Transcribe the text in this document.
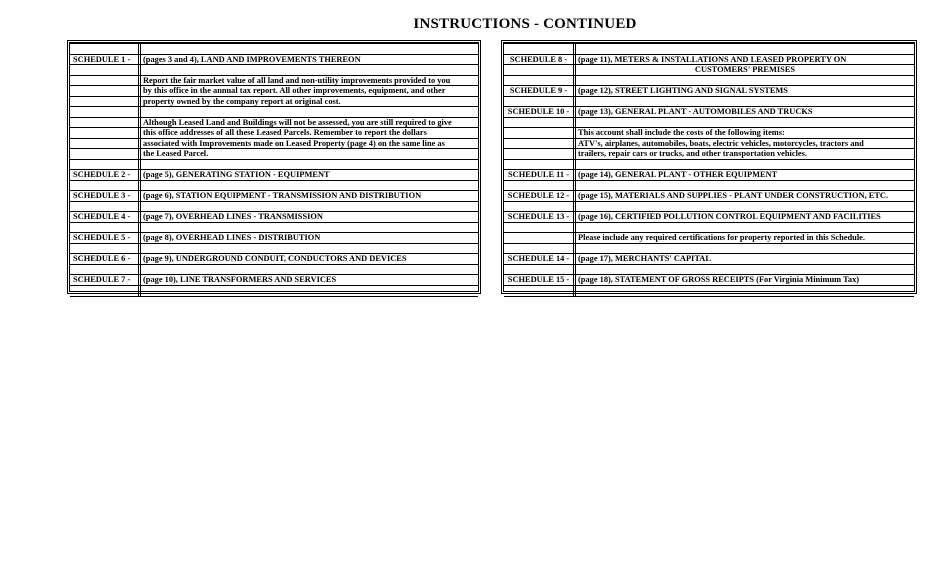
INSTRUCTIONS - CONTINUED
SCHEDULE 1 -	(pages 3 and 4), LAND AND IMPROVEMENTS THEREON
Report the fair market value of all land and non-utility improvements provided to you
by this office in the annual tax report. All other improvements, equipment, and other
property owned by the company report at original cost.
Although Leased Land and Buildings will not be assessed, you are still required to give
this office addresses of all these Leased Parcels. Remember to report the dollars
associated with Improvements made on Leased Property (page 4) on the same line as
the Leased Parcel.
SCHEDULE 2 -	(page 5), GENERATING STATION - EQUIPMENT
SCHEDULE 3 -	(page 6), STATION EQUIPMENT - TRANSMISSION AND DISTRIBUTION
SCHEDULE 4 -	(page 7), OVERHEAD LINES - TRANSMISSION
SCHEDULE 5 -	(page 8), OVERHEAD LINES - DISTRIBUTION
SCHEDULE 6 -	(page 9), UNDERGROUND CONDUIT, CONDUCTORS AND DEVICES
SCHEDULE 7 -	(page 10), LINE TRANSFORMERS AND SERVICES
SCHEDULE 8 -	(page 11), METERS & INSTALLATIONS AND LEASED PROPERTY ON
CUSTOMERS' PREMISES
SCHEDULE 9 -	(page 12), STREET LIGHTING AND SIGNAL SYSTEMS
SCHEDULE 10 -	(page 13), GENERAL PLANT - AUTOMOBILES AND TRUCKS
This account shall include the costs of the following items:
ATV's, airplanes, automobiles, boats, electric vehicles, motorcycles, tractors and
trailers, repair cars or trucks, and other transportation vehicles.
SCHEDULE 11 -	(page 14), GENERAL PLANT - OTHER EQUIPMENT
SCHEDULE 12 -	(page 15), MATERIALS AND SUPPLIES - PLANT UNDER CONSTRUCTION, ETC.
SCHEDULE 13 -	(page 16), CERTIFIED POLLUTION CONTROL EQUIPMENT AND FACILITIES
Please include any required certifications for property reported in this Schedule.
SCHEDULE 14 -	(page 17), MERCHANTS' CAPITAL
SCHEDULE 15 -	(page 18), STATEMENT OF GROSS RECEIPTS (For Virginia Minimum Tax)
